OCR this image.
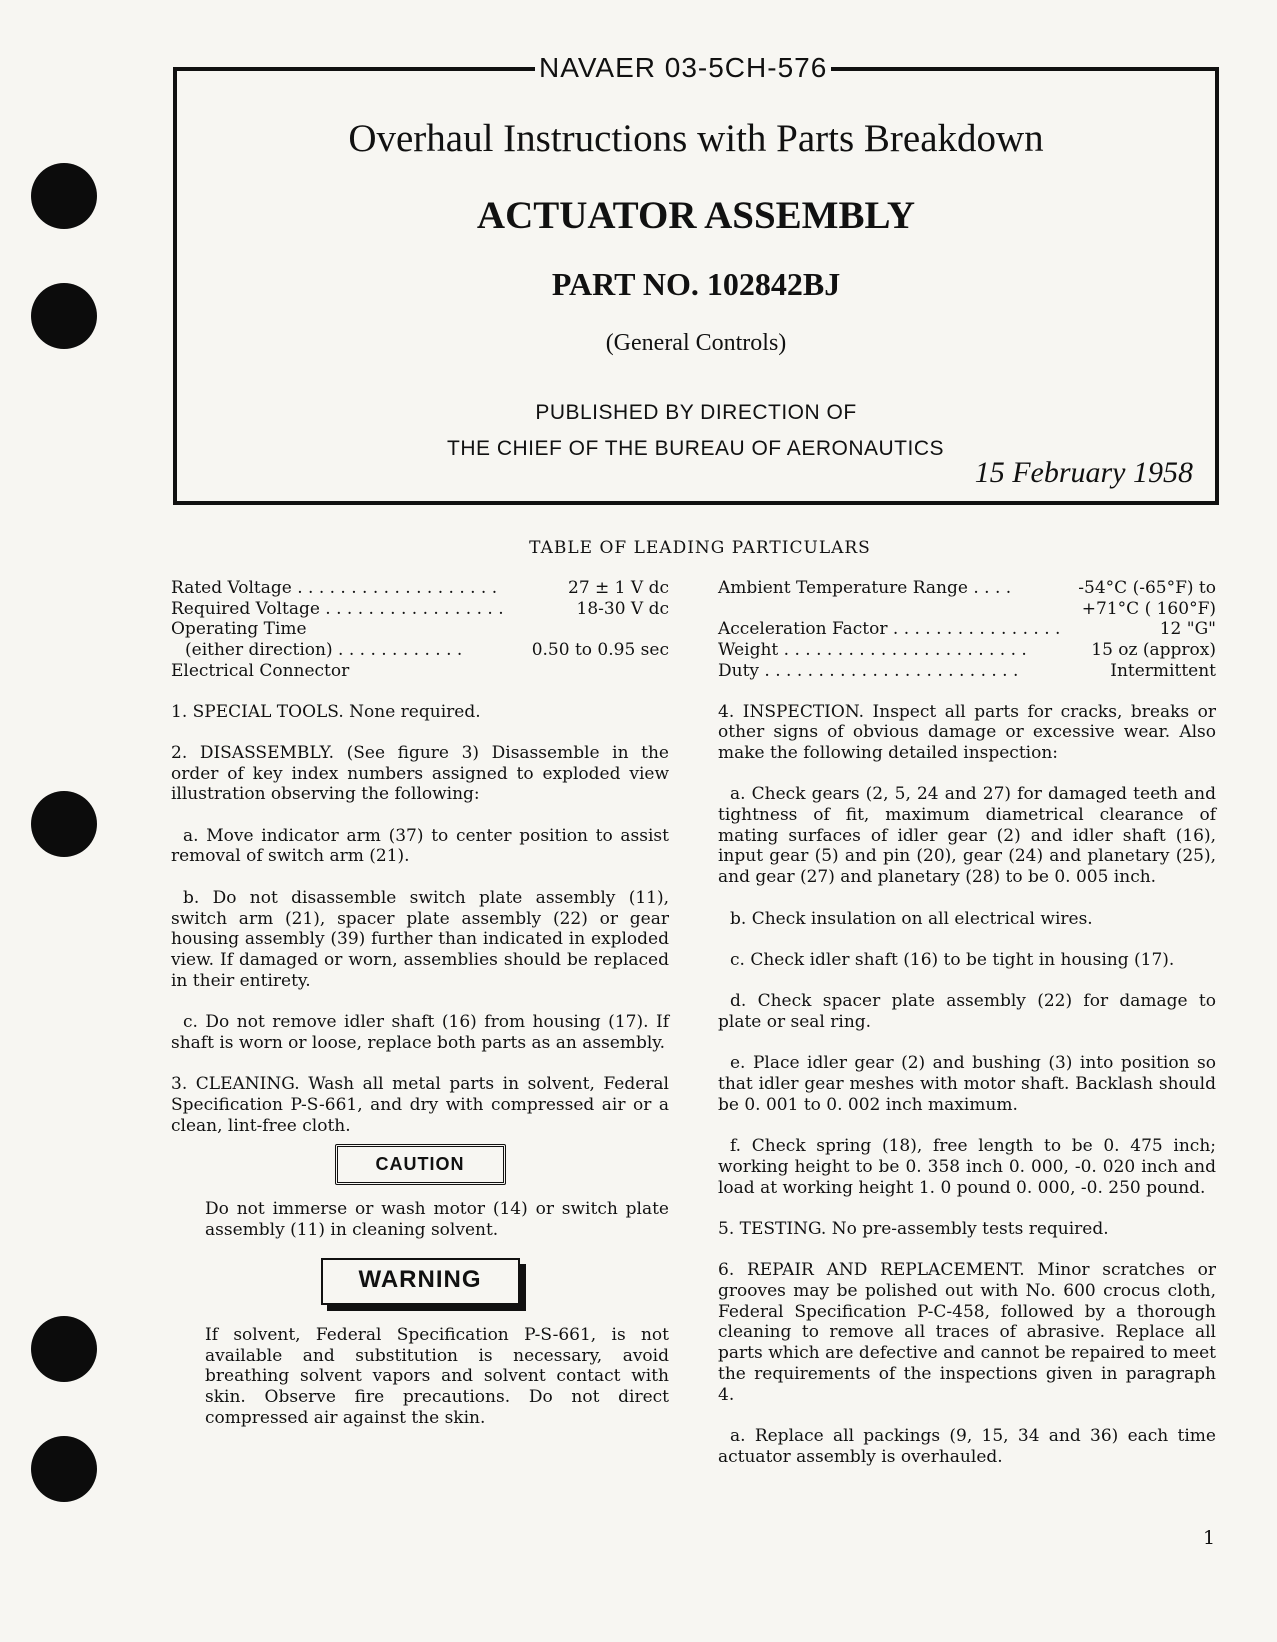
NAVAER 03-5CH-576
Overhaul Instructions with Parts Breakdown
ACTUATOR ASSEMBLY
PART NO. 102842BJ
(General Controls)
PUBLISHED BY DIRECTION OF
THE CHIEF OF THE BUREAU OF AERONAUTICS
15 February 1958
TABLE OF LEADING PARTICULARS
Rated Voltage . . . . . . . . . . . . . . . . . . .	27 ± 1 V dc
Required Voltage . . . . . . . . . . . . . . . . .	18-30 V dc
Operating Time
(either direction) . . . . . . . . . . . .	0.50 to 0.95 sec
Electrical Connector

1. SPECIAL TOOLS. None required.

2. DISASSEMBLY. (See figure 3) Disassemble in the order of key index numbers assigned to exploded view illustration observing the following:

a. Move indicator arm (37) to center position to assist removal of switch arm (21).

b. Do not disassemble switch plate assembly (11), switch arm (21), spacer plate assembly (22) or gear housing assembly (39) further than indicated in exploded view. If damaged or worn, assemblies should be replaced in their entirety.

c. Do not remove idler shaft (16) from housing (17). If shaft is worn or loose, replace both parts as an assembly.

3. CLEANING. Wash all metal parts in solvent, Federal Specification P-S-661, and dry with compressed air or a clean, lint-free cloth.

CAUTION

Do not immerse or wash motor (14) or switch plate assembly (11) in cleaning solvent.

WARNING

If solvent, Federal Specification P-S-661, is not available and substitution is necessary, avoid breathing solvent vapors and solvent contact with skin. Observe fire precautions. Do not direct compressed air against the skin.

Ambient Temperature Range . . . .	-54°C (-65°F) to
+71°C ( 160°F)
Acceleration Factor . . . . . . . . . . . . . . . .	12 "G"
Weight . . . . . . . . . . . . . . . . . . . . . . .	15 oz (approx)
Duty . . . . . . . . . . . . . . . . . . . . . . . .	Intermittent

4. INSPECTION. Inspect all parts for cracks, breaks or other signs of obvious damage or excessive wear. Also make the following detailed inspection:

a. Check gears (2, 5, 24 and 27) for damaged teeth and tightness of fit, maximum diametrical clearance of mating surfaces of idler gear (2) and idler shaft (16), input gear (5) and pin (20), gear (24) and planetary (25), and gear (27) and planetary (28) to be 0. 005 inch.

b. Check insulation on all electrical wires.

c. Check idler shaft (16) to be tight in housing (17).

d. Check spacer plate assembly (22) for damage to plate or seal ring.

e. Place idler gear (2) and bushing (3) into position so that idler gear meshes with motor shaft. Backlash should be 0. 001 to 0. 002 inch maximum.

f. Check spring (18), free length to be 0. 475 inch; working height to be 0. 358 inch 0. 000, -0. 020 inch and load at working height 1. 0 pound 0. 000, -0. 250 pound.

5. TESTING. No pre-assembly tests required.

6. REPAIR AND REPLACEMENT. Minor scratches or grooves may be polished out with No. 600 crocus cloth, Federal Specification P-C-458, followed by a thorough cleaning to remove all traces of abrasive. Replace all parts which are defective and cannot be repaired to meet the requirements of the inspections given in paragraph 4.

a. Replace all packings (9, 15, 34 and 36) each time actuator assembly is overhauled.

1
